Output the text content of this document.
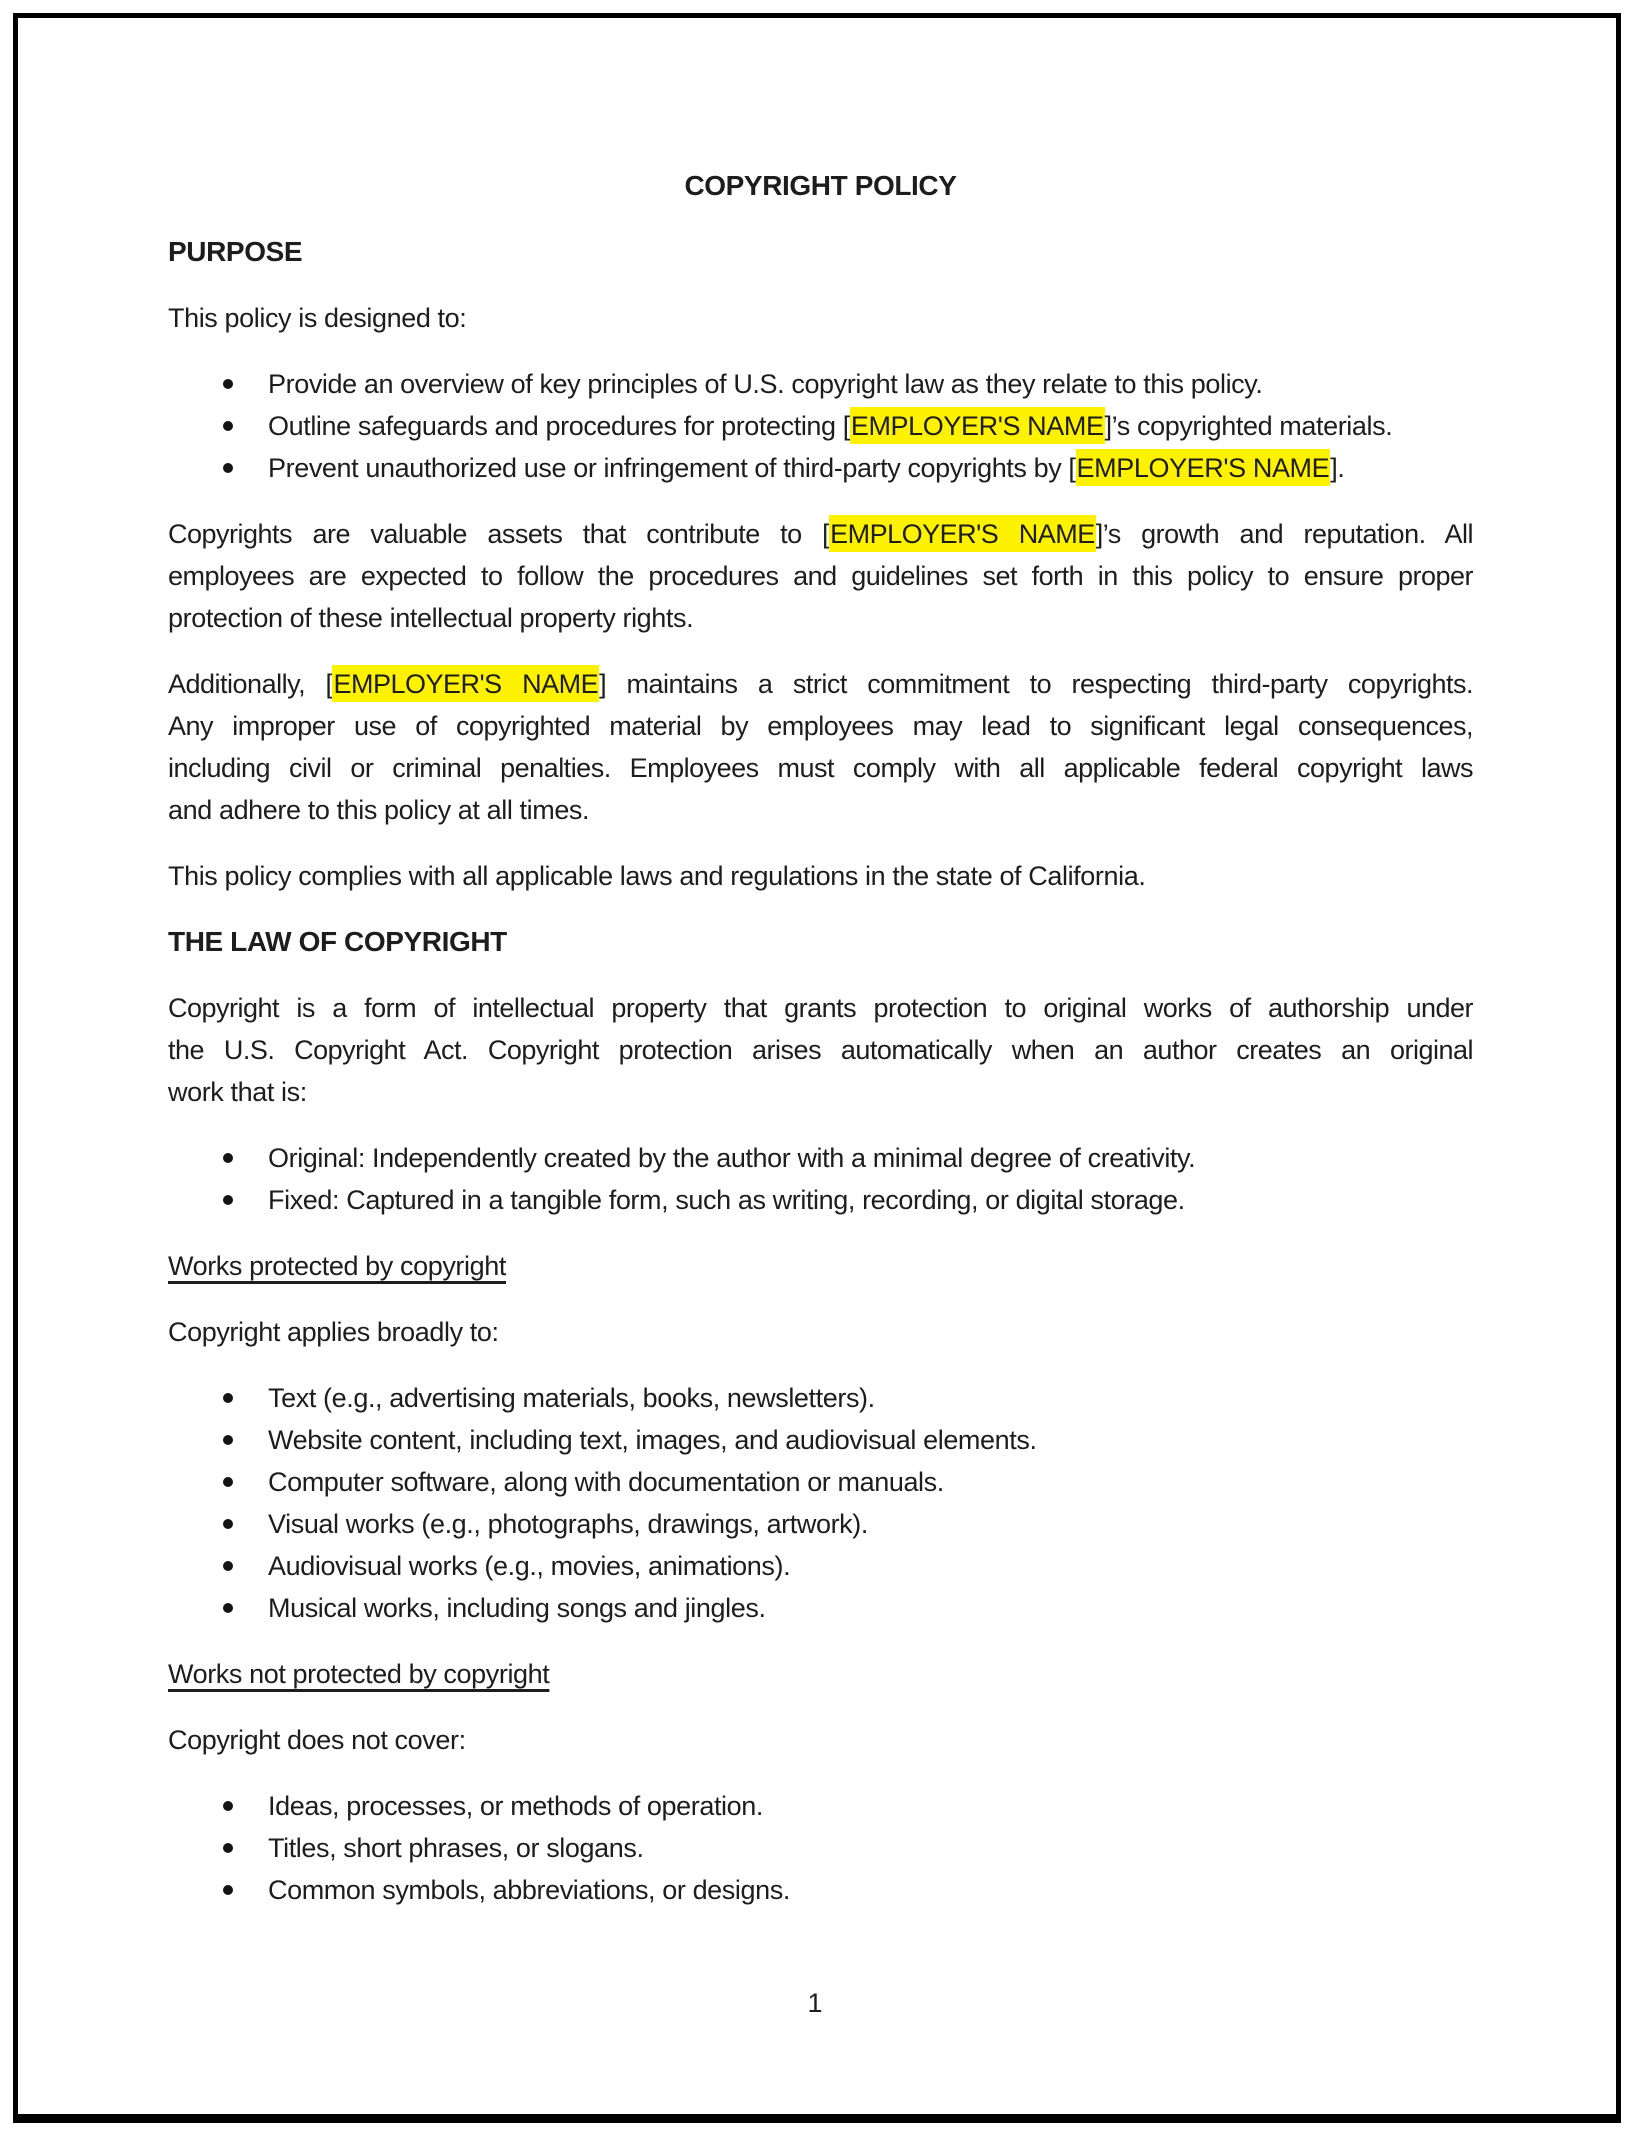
COPYRIGHT POLICY
PURPOSE
This policy is designed to:
Provide an overview of key principles of U.S. copyright law as they relate to this policy.
Outline safeguards and procedures for protecting [EMPLOYER'S NAME]’s copyrighted materials.
Prevent unauthorized use or infringement of third-party copyrights by [EMPLOYER'S NAME].
Copyrights are valuable assets that contribute to [EMPLOYER'S NAME]’s growth and reputation. All
employees are expected to follow the procedures and guidelines set forth in this policy to ensure proper
protection of these intellectual property rights.
Additionally, [EMPLOYER'S NAME] maintains a strict commitment to respecting third-party copyrights.
Any improper use of copyrighted material by employees may lead to significant legal consequences,
including civil or criminal penalties. Employees must comply with all applicable federal copyright laws
and adhere to this policy at all times.
This policy complies with all applicable laws and regulations in the state of California.
THE LAW OF COPYRIGHT
Copyright is a form of intellectual property that grants protection to original works of authorship under
the U.S. Copyright Act. Copyright protection arises automatically when an author creates an original
work that is:
Original: Independently created by the author with a minimal degree of creativity.
Fixed: Captured in a tangible form, such as writing, recording, or digital storage.
Works protected by copyright
Copyright applies broadly to:
Text (e.g., advertising materials, books, newsletters).
Website content, including text, images, and audiovisual elements.
Computer software, along with documentation or manuals.
Visual works (e.g., photographs, drawings, artwork).
Audiovisual works (e.g., movies, animations).
Musical works, including songs and jingles.
Works not protected by copyright
Copyright does not cover:
Ideas, processes, or methods of operation.
Titles, short phrases, or slogans.
Common symbols, abbreviations, or designs.
1
